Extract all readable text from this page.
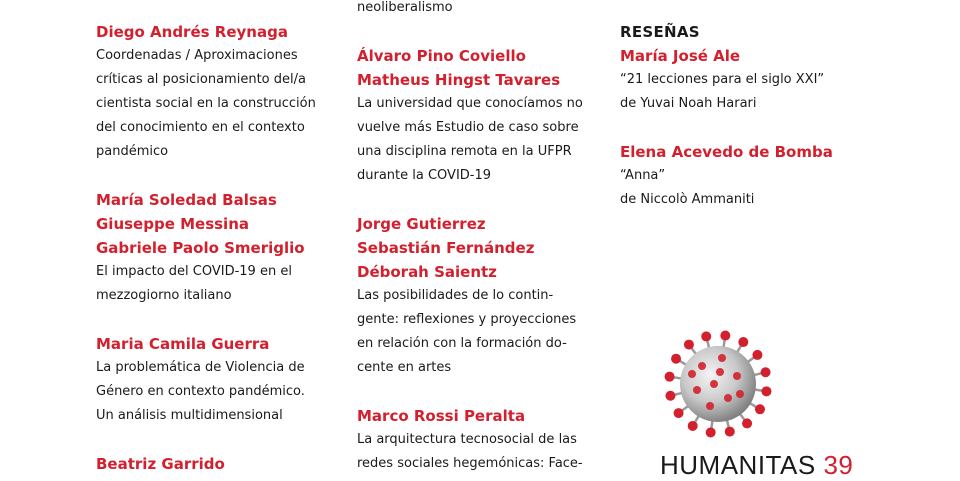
Diego Andrés Reynaga
Coordenadas / Aproximaciones
críticas al posicionamiento del/a
cientista social en la construcción
del conocimiento en el contexto
pandémico
María Soledad Balsas
Giuseppe Messina
Gabriele Paolo Smeriglio
El impacto del COVID-19 en el
mezzogiorno italiano
Maria Camila Guerra
La problemática de Violencia de
Género en contexto pandémico.
Un análisis multidimensional
Beatriz Garrido
neoliberalismo
Álvaro Pino Coviello
Matheus Hingst Tavares
La universidad que conocíamos no
vuelve más Estudio de caso sobre
una disciplina remota en la UFPR
durante la COVID-19
Jorge Gutierrez
Sebastián Fernández
Déborah Saientz
Las posibilidades de lo contin-
gente: reflexiones y proyecciones
en relación con la formación do-
cente en artes
Marco Rossi Peralta
La arquitectura tecnosocial de las
redes sociales hegemónicas: Face-
RESEÑAS
María José Ale
“21 lecciones para el siglo XXI”
de Yuvai Noah Harari
Elena Acevedo de Bomba
“Anna”
de Niccolò Ammaniti
HUMANITAS 39
